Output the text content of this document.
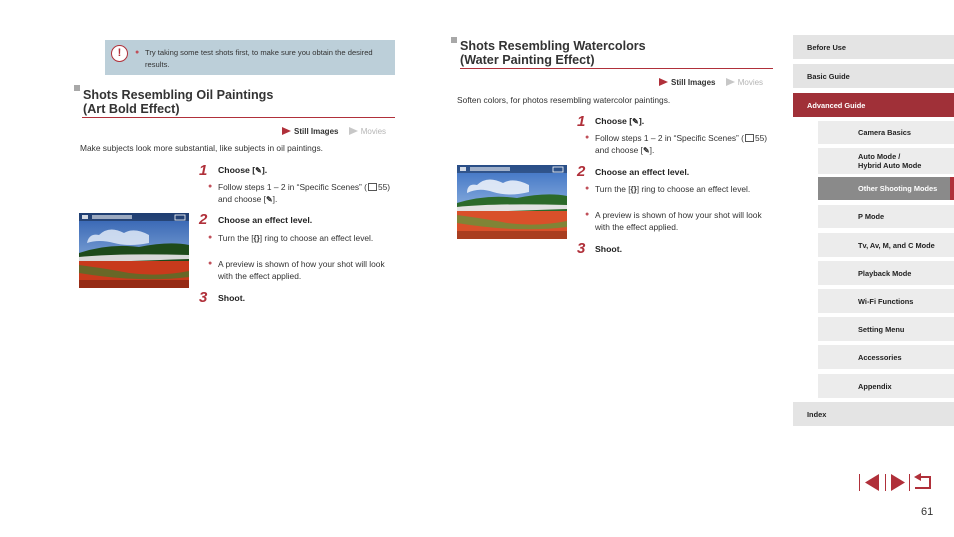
!	● Try taking some test shots first, to make sure you obtain the desired results.
Shots Resembling Oil Paintings
(Art Bold Effect)
Still Images	Movies
Make subjects look more substantial, like subjects in oil paintings.
1 Choose [✎].
● Follow steps 1 – 2 in “Specific Scenes” ( 55) and choose [✎].
2 Choose an effect level.
● Turn the [{}] ring to choose an effect level.
● A preview is shown of how your shot will look with the effect applied.
3 Shoot.
Shots Resembling Watercolors
(Water Painting Effect)
Still Images	Movies
Soften colors, for photos resembling watercolor paintings.
1 Choose [✎].
● Follow steps 1 – 2 in “Specific Scenes” ( 55) and choose [✎].
2 Choose an effect level.
● Turn the [{}] ring to choose an effect level.
● A preview is shown of how your shot will look with the effect applied.
3 Shoot.
Before Use
Basic Guide
Advanced Guide
Camera Basics
Auto Mode /
Hybrid Auto Mode
Other Shooting Modes
P Mode
Tv, Av, M, and C Mode
Playback Mode
Wi-Fi Functions
Setting Menu
Accessories
Appendix
Index
61
